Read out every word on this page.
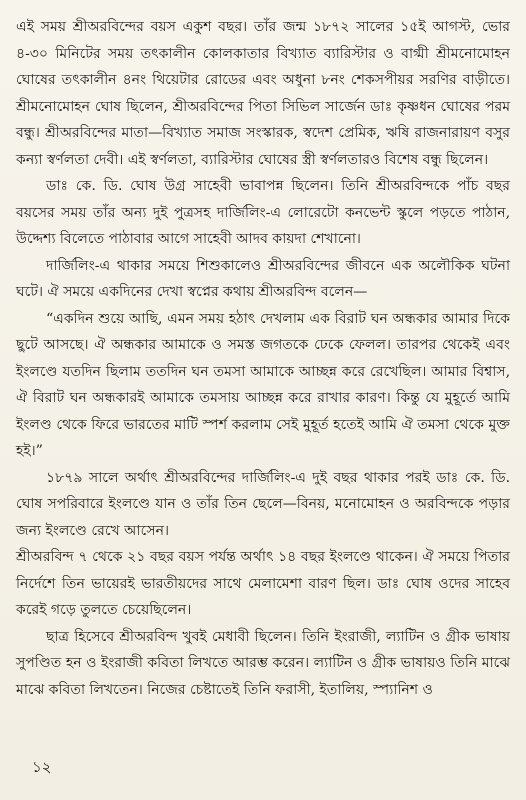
এই সময় শ্রীঅরবিন্দের বয়স একুশ বছর। তাঁর জন্ম ১৮৭২ সালের ১৫ই আগস্ট, ভোর ৪-৩০ মিনিটের সময় তৎকালীন কোলকাতার বিখ্যাত ব্যারিস্টার ও বাগ্মী শ্রীমনোমোহন ঘোষের তৎকালীন ৪নং থিয়েটার রোডের এবং অধুনা ৮নং শেকসপীয়র সরণির বাড়ীতে। শ্রীমনোমোহন ঘোষ ছিলেন, শ্রীঅরবিন্দের পিতা সিভিল সার্জেন ডাঃ কৃষ্ণধন ঘোষের পরম বন্ধু। শ্রীঅরবিন্দের মাতা—বিখ্যাত সমাজ সংস্কারক, স্বদেশ প্রেমিক, ঋষি রাজনারায়ণ বসুর কন্যা স্বর্ণলতা দেবী। এই স্বর্ণলতা, ব্যারিস্টার ঘোষের স্ত্রী স্বর্ণলতারও বিশেষ বন্ধু ছিলেন।

ডাঃ কে. ডি. ঘোষ উগ্র সাহেবী ভাবাপন্ন ছিলেন। তিনি শ্রীঅরবিন্দকে পাঁচ বছর বয়সের সময় তাঁর অন্য দুই পুত্রসহ দার্জিলিং-এ লোরেটো কনভেন্ট স্কুলে পড়তে পাঠান, উদ্দেশ্য বিলেতে পাঠাবার আগে সাহেবী আদব কায়দা শেখানো।

দার্জিলিং-এ থাকার সময়ে শিশুকালেও শ্রীঅরবিন্দের জীবনে এক অলৌকিক ঘটনা ঘটে। ঐ সময়ে একদিনের দেখা স্বপ্নের কথায় শ্রীঅরবিন্দ বলেন—

“একদিন শুয়ে আছি, এমন সময় হঠাৎ দেখলাম এক বিরাট ঘন অন্ধকার আমার দিকে ছুটে আসছে। ঐ অন্ধকার আমাকে ও সমস্ত জগতকে ঢেকে ফেলল। তারপর থেকেই এবং ইংলণ্ডে যতদিন ছিলাম ততদিন ঘন তমসা আমাকে আচ্ছন্ন করে রেখেছিল। আমার বিশ্বাস, ঐ বিরাট ঘন অন্ধকারই আমাকে তমসায় আচ্ছন্ন করে রাখার কারণ। কিন্তু যে মুহূর্তে আমি ইংলণ্ড থেকে ফিরে ভারতের মাটি স্পর্শ করলাম সেই মুহূর্ত হতেই আমি ঐ তমসা থেকে মুক্ত হই।”

১৮৭৯ সালে অর্থাৎ শ্রীঅরবিন্দের দার্জিলিং-এ দুই বছর থাকার পরই ডাঃ কে. ডি. ঘোষ সপরিবারে ইংলণ্ডে যান ও তাঁর তিন ছেলে—বিনয়, মনোমোহন ও অরবিন্দকে পড়ার জন্য ইংলণ্ডে রেখে আসেন।

শ্রীঅরবিন্দ ৭ থেকে ২১ বছর বয়স পর্যন্ত অর্থাৎ ১৪ বছর ইংলণ্ডে থাকেন। ঐ সময়ে পিতার নির্দেশে তিন ভায়েরই ভারতীয়দের সাথে মেলামেশা বারণ ছিল। ডাঃ ঘোষ ওদের সাহেব করেই গড়ে তুলতে চেয়েছিলেন।

ছাত্র হিসেবে শ্রীঅরবিন্দ খুবই মেধাবী ছিলেন। তিনি ইংরাজী, ল্যাটিন ও গ্রীক ভাষায় সুপণ্ডিত হন ও ইংরাজী কবিতা লিখতে আরম্ভ করেন। ল্যাটিন ও গ্রীক ভাষায়ও তিনি মাঝে মাঝে কবিতা লিখতেন। নিজের চেষ্টাতেই তিনি ফরাসী, ইতালিয়, স্প্যানিশ ও

১২
